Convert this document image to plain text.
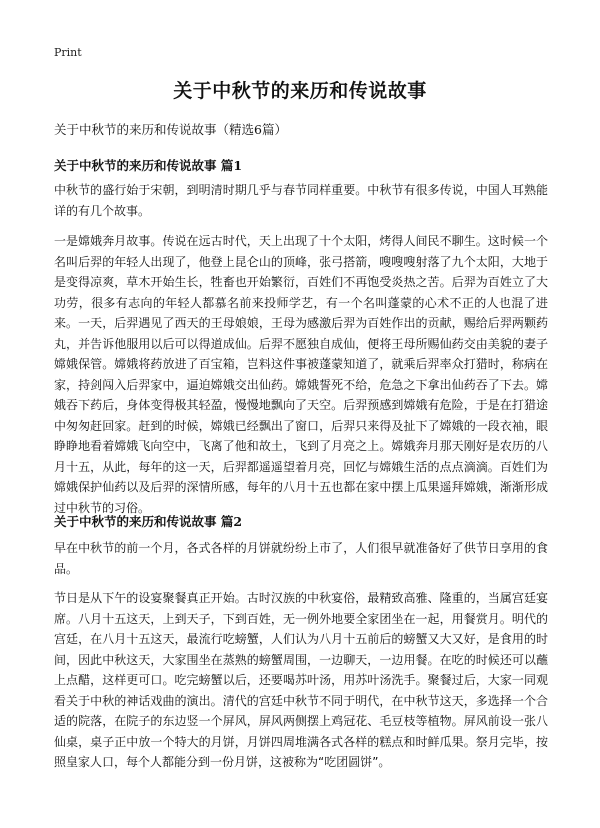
Print
关于中秋节的来历和传说故事
关于中秋节的来历和传说故事（精选6篇）
关于中秋节的来历和传说故事 篇1

中秋节的盛行始于宋朝，到明清时期几乎与春节同样重要。中秋节有很多传说，中国人耳熟能详的有几个故事。

一是嫦娥奔月故事。传说在远古时代，天上出现了十个太阳，烤得人间民不聊生。这时候一个名叫后羿的年轻人出现了，他登上昆仑山的顶峰，张弓搭箭，嗖嗖嗖射落了九个太阳，大地于是变得凉爽，草木开始生长，牲畜也开始繁衍，百姓们不再饱受炎热之苦。后羿为百姓立了大功劳，很多有志向的年轻人都慕名前来投师学艺，有一个名叫蓬蒙的心术不正的人也混了进来。一天，后羿遇见了西天的王母娘娘，王母为感激后羿为百姓作出的贡献，赐给后羿两颗药丸，并告诉他服用以后可以得道成仙。后羿不愿独自成仙，便将王母所赐仙药交由美貌的妻子嫦娥保管。嫦娥将药放进了百宝箱，岂料这件事被蓬蒙知道了，就乘后羿率众打猎时，称病在家，持剑闯入后羿家中，逼迫嫦娥交出仙药。嫦娥誓死不给，危急之下拿出仙药吞了下去。嫦娥吞下药后，身体变得极其轻盈，慢慢地飘向了天空。后羿预感到嫦娥有危险，于是在打猎途中匆匆赶回家。赶到的时候，嫦娥已经飘出了窗口，后羿只来得及扯下了嫦娥的一段衣袖，眼睁睁地看着嫦娥飞向空中，飞离了他和故土，飞到了月亮之上。嫦娥奔月那天刚好是农历的八月十五，从此，每年的这一天，后羿都遥遥望着月亮，回忆与嫦娥生活的点点滴滴。百姓们为嫦娥保护仙药以及后羿的深情所感，每年的八月十五也都在家中摆上瓜果遥拜嫦娥，渐渐形成过中秋节的习俗。

关于中秋节的来历和传说故事 篇2

早在中秋节的前一个月，各式各样的月饼就纷纷上市了，人们很早就准备好了供节日享用的食品。

节日是从下午的设宴聚餐真正开始。古时汉族的中秋宴俗，最精致高雅、隆重的，当属宫廷宴席。八月十五这天，上到天子，下到百姓，无一例外地要全家团坐在一起，用餐赏月。明代的宫廷，在八月十五这天，最流行吃螃蟹，人们认为八月十五前后的螃蟹又大又好，是食用的时间，因此中秋这天，大家围坐在蒸熟的螃蟹周围，一边聊天，一边用餐。在吃的时候还可以蘸上点醋，这样更可口。吃完螃蟹以后，还要喝苏叶汤，用苏叶汤洗手。聚餐过后，大家一同观看关于中秋的神话戏曲的演出。清代的宫廷中秋节不同于明代，在中秋节这天，多选择一个合适的院落，在院子的东边竖一个屏风，屏风两侧摆上鸡冠花、毛豆枝等植物。屏风前设一张八仙桌，桌子正中放一个特大的月饼，月饼四周堆满各式各样的糕点和时鲜瓜果。祭月完毕，按照皇家人口，每个人都能分到一份月饼，这被称为“吃团圆饼”。
